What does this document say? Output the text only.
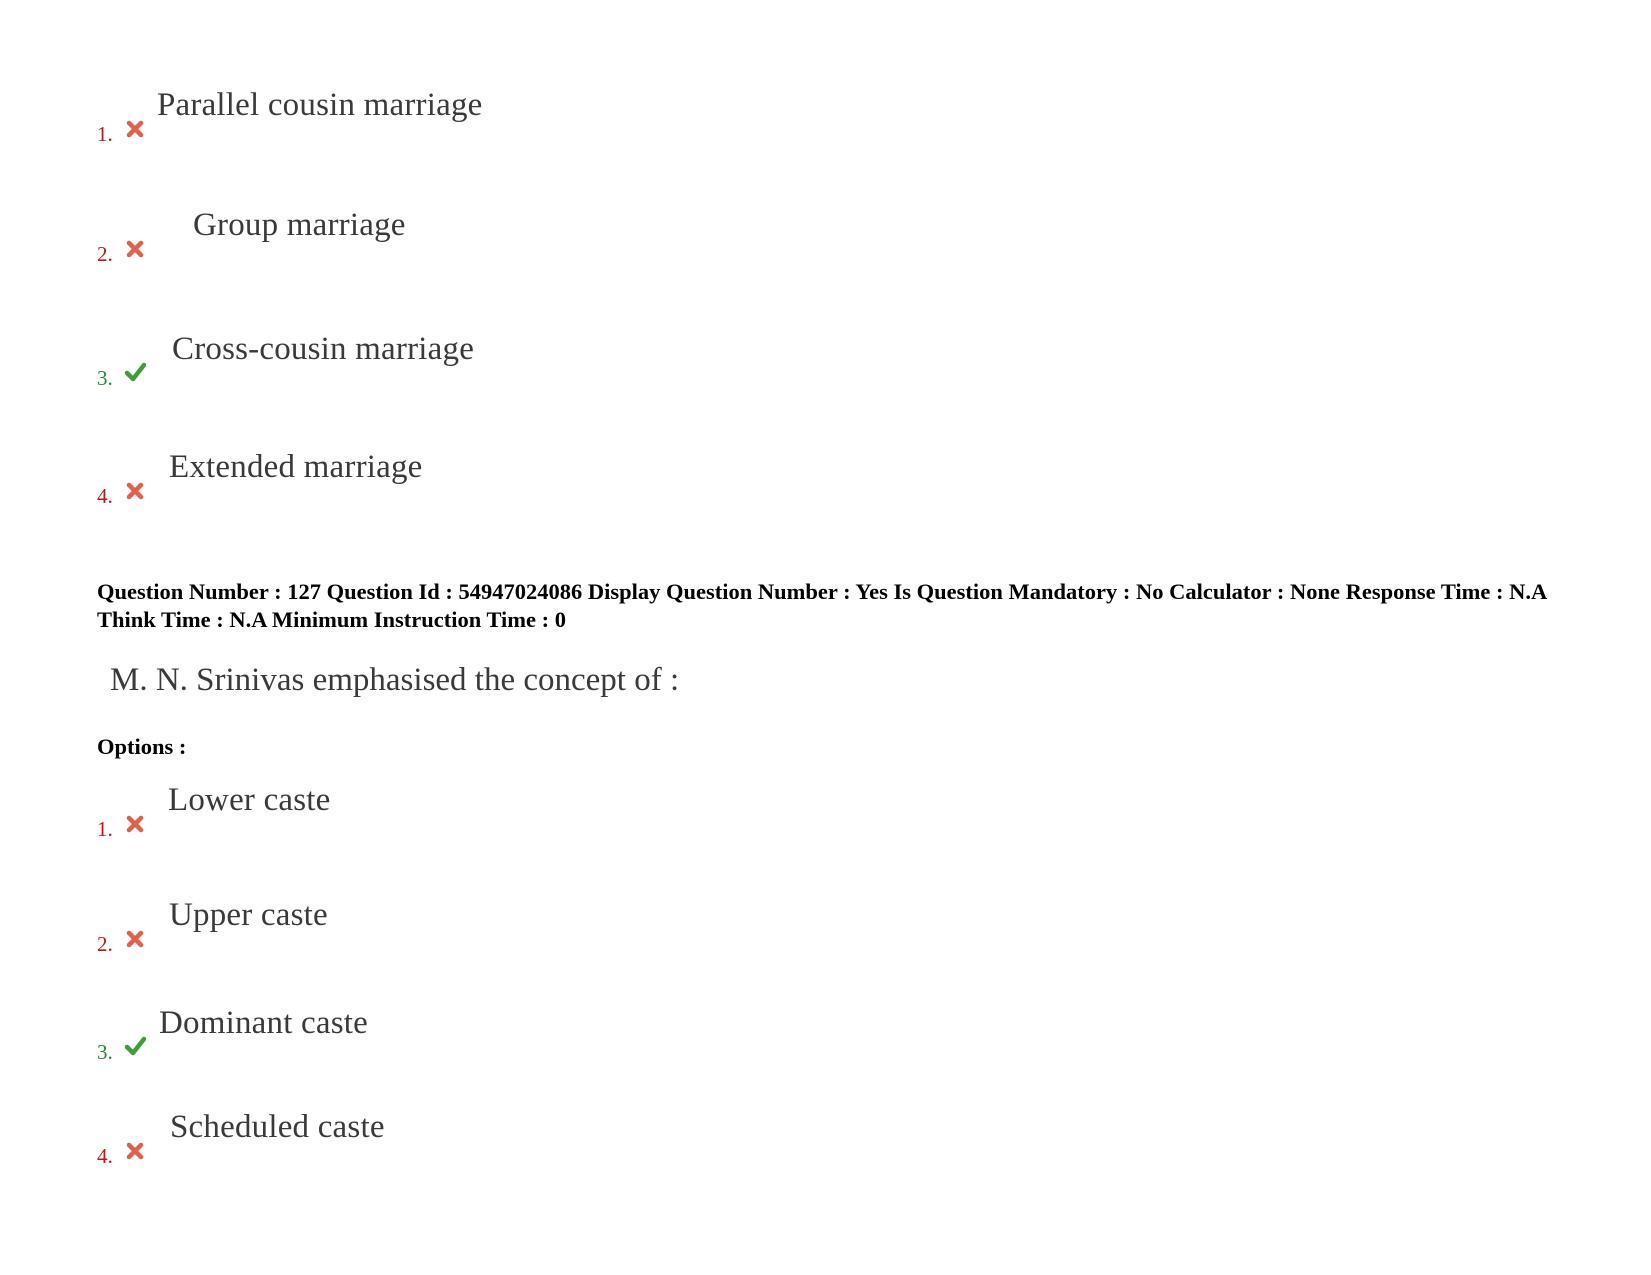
1.
Parallel cousin marriage
2.
Group marriage
3.
Cross-cousin marriage
4.
Extended marriage
Question Number : 127 Question Id : 54947024086 Display Question Number : Yes Is Question Mandatory : No Calculator : None Response Time : N.A Think Time : N.A Minimum Instruction Time : 0
M. N. Srinivas emphasised the concept of :
Options :
1.
Lower caste
2.
Upper caste
3.
Dominant caste
4.
Scheduled caste
